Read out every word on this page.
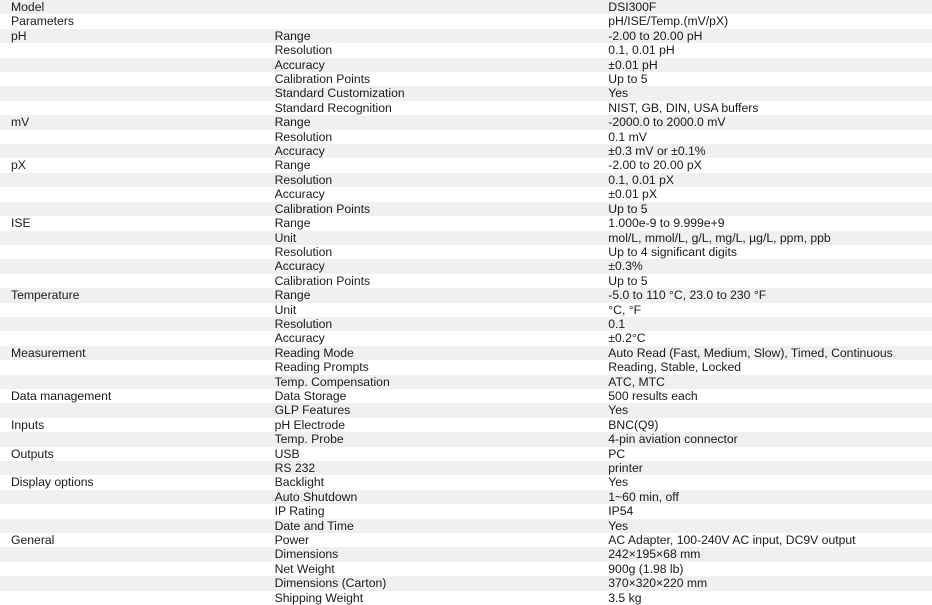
Model		DSI300F
Parameters		pH/ISE/Temp.(mV/pX)
pH	Range	-2.00 to 20.00 pH
	Resolution	0.1, 0.01 pH
	Accuracy	±0.01 pH
	Calibration Points	Up to 5
	Standard Customization	Yes
	Standard Recognition	NIST, GB, DIN, USA buffers
mV	Range	-2000.0 to 2000.0 mV
	Resolution	0.1 mV
	Accuracy	±0.3 mV or ±0.1%
pX	Range	-2.00 to 20.00 pX
	Resolution	0.1, 0.01 pX
	Accuracy	±0.01 pX
	Calibration Points	Up to 5
ISE	Range	1.000e-9 to 9.999e+9
	Unit	mol/L, mmol/L, g/L, mg/L, µg/L, ppm, ppb
	Resolution	Up to 4 significant digits
	Accuracy	±0.3%
	Calibration Points	Up to 5
Temperature	Range	-5.0 to 110 °C, 23.0 to 230 °F
	Unit	°C, °F
	Resolution	0.1
	Accuracy	±0.2°C
Measurement	Reading Mode	Auto Read (Fast, Medium, Slow), Timed, Continuous
	Reading Prompts	Reading, Stable, Locked
	Temp. Compensation	ATC, MTC
Data management	Data Storage	500 results each
	GLP Features	Yes
Inputs	pH Electrode	BNC(Q9)
	Temp. Probe	4-pin aviation connector
Outputs	USB	PC
	RS 232	printer
Display options	Backlight	Yes
	Auto Shutdown	1~60 min, off
	IP Rating	IP54
	Date and Time	Yes
General	Power	AC Adapter, 100-240V AC input, DC9V output
	Dimensions	242×195×68 mm
	Net Weight	900g (1.98 lb)
	Dimensions (Carton)	370×320×220 mm
	Shipping Weight	3.5 kg
